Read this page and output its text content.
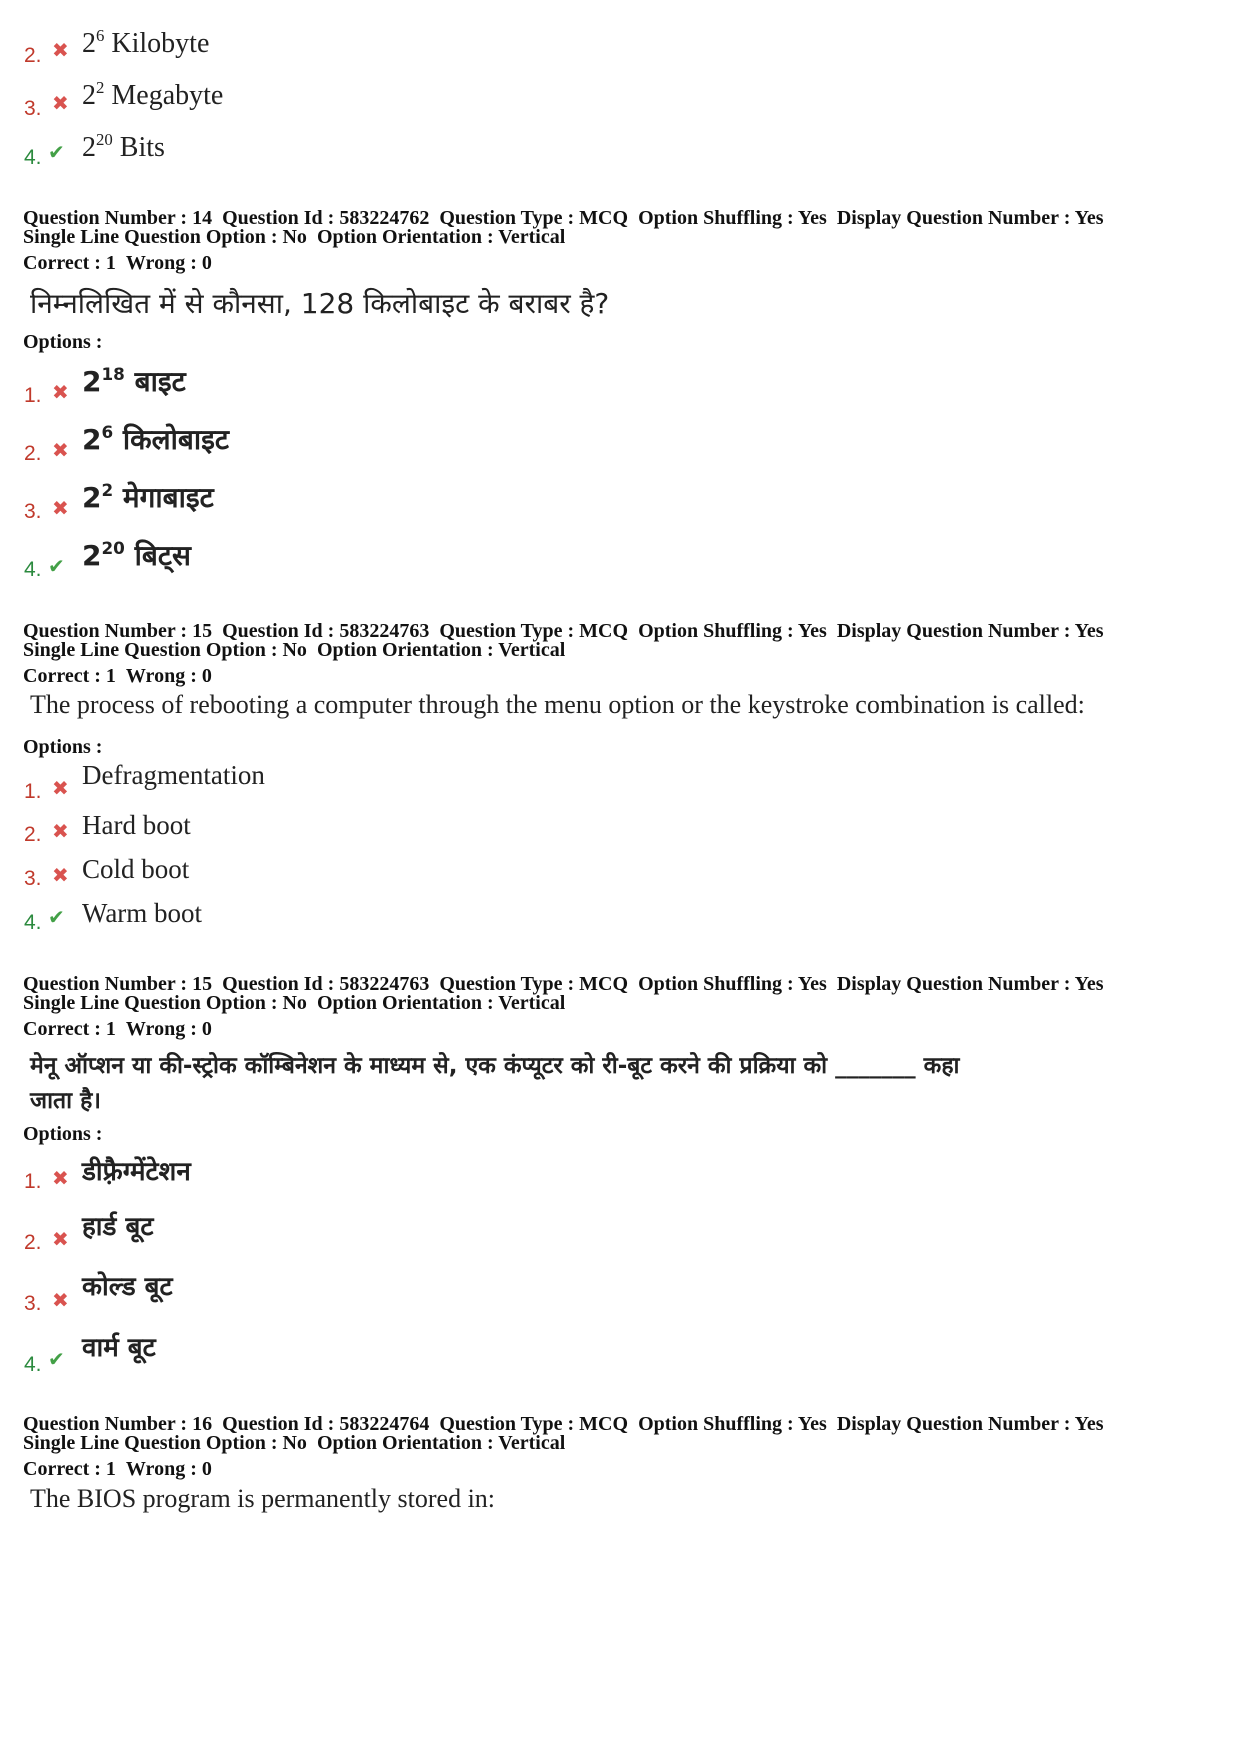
2. ✖ $2^6$ Kilobyte
3. ✖ $2^2$ Megabyte
4. ✔ $2^{20}$ Bits
Question Number : 14 Question Id : 583224762 Question Type : MCQ Option Shuffling : Yes Display Question Number : Yes
Single Line Question Option : No Option Orientation : Vertical
Correct : 1 Wrong : 0
निम्नलिखित में से कौनसा, 128 किलोबाइट के बराबर है?
Options :
1. ✖ $2^{18}$ बाइट
2. ✖ $2^6$ किलोबाइट
3. ✖ $2^2$ मेगाबाइट
4. ✔ $2^{20}$ बिट्स
Question Number : 15 Question Id : 583224763 Question Type : MCQ Option Shuffling : Yes Display Question Number : Yes
Single Line Question Option : No Option Orientation : Vertical
Correct : 1 Wrong : 0
The process of rebooting a computer through the menu option or the keystroke combination is called:
Options :
1. ✖ Defragmentation
2. ✖ Hard boot
3. ✖ Cold boot
4. ✔ Warm boot
Question Number : 15 Question Id : 583224763 Question Type : MCQ Option Shuffling : Yes Display Question Number : Yes
Single Line Question Option : No Option Orientation : Vertical
Correct : 1 Wrong : 0
मेनू ऑप्शन या की-स्ट्रोक कॉम्बिनेशन के माध्यम से, एक कंप्यूटर को री-बूट करने की प्रक्रिया को _______ कहा
जाता है।
Options :
1. ✖ डीफ़्रैग्मेंटेशन
2. ✖ हार्ड बूट
3. ✖ कोल्ड बूट
4. ✔ वार्म बूट
Question Number : 16 Question Id : 583224764 Question Type : MCQ Option Shuffling : Yes Display Question Number : Yes
Single Line Question Option : No Option Orientation : Vertical
Correct : 1 Wrong : 0
The BIOS program is permanently stored in:
